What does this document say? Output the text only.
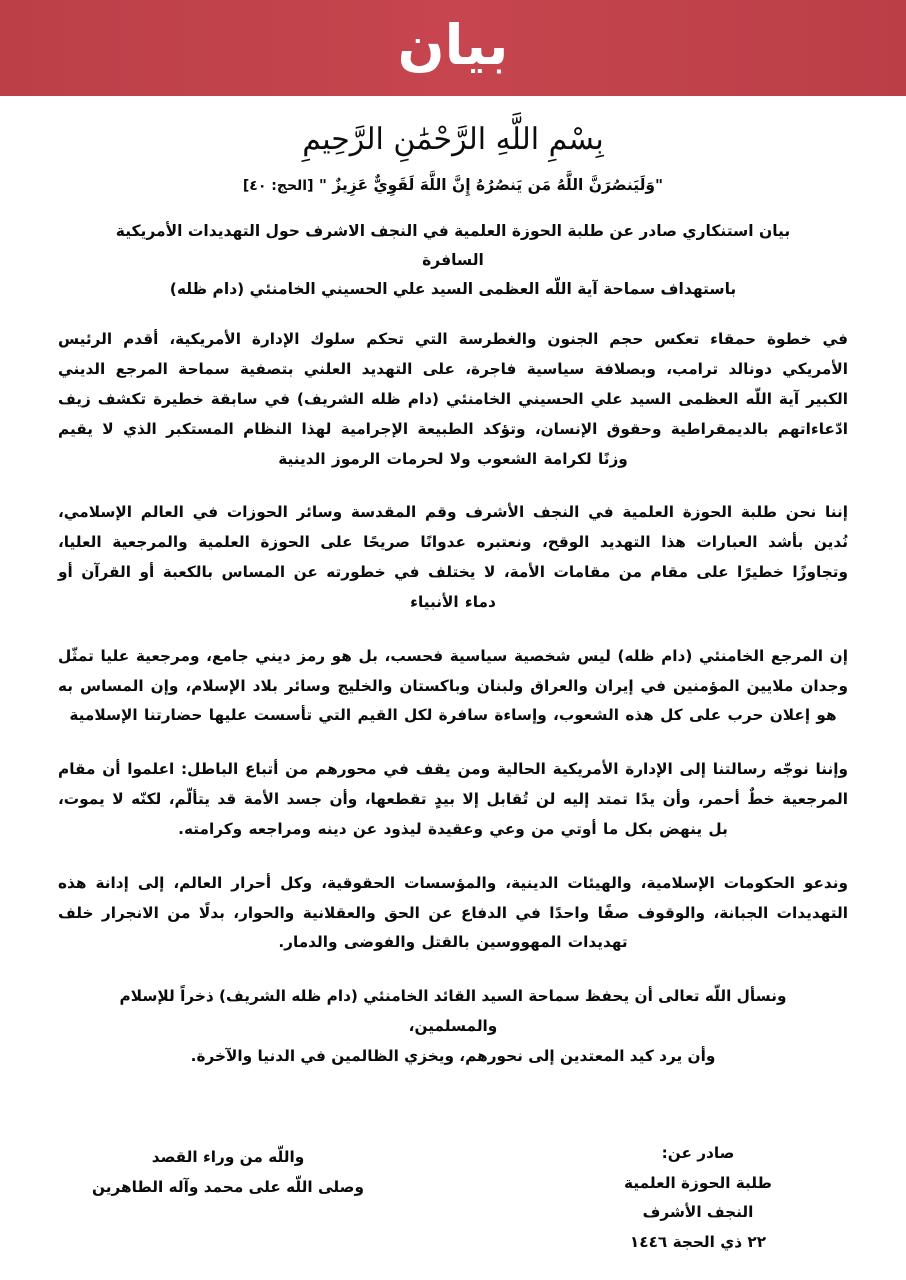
بيان
بِسْمِ اللَّهِ الرَّحْمَٰنِ الرَّحِيمِ
"وَلَيَنصُرَنَّ اللَّهُ مَن يَنصُرُهُ إِنَّ اللَّهَ لَقَوِيٌّ عَزِيزٌ " [الحج: ٤٠]
بيان استنكاري صادر عن طلبة الحوزة العلمية في النجف الاشرف حول التهديدات الأمريكية السافرة
باستهداف سماحة آية اللّه العظمى السيد علي الحسيني الخامنئي (دام ظله)

في خطوة حمقاء تعكس حجم الجنون والغطرسة التي تحكم سلوك الإدارة الأمريكية، أقدم الرئيس الأمريكي دونالد ترامب، وبصلافة سياسية فاجرة، على التهديد العلني بتصفية سماحة المرجع الديني الكبير آية اللّه العظمى السيد علي الحسيني الخامنئي (دام ظله الشريف) في سابقة خطيرة تكشف زيف ادّعاءاتهم بالديمقراطية وحقوق الإنسان، وتؤكد الطبيعة الإجرامية لهذا النظام المستكبر الذي لا يقيم وزنًا لكرامة الشعوب ولا لحرمات الرموز الدينية

إننا نحن طلبة الحوزة العلمية في النجف الأشرف وقم المقدسة وسائر الحوزات في العالم الإسلامي، نُدين بأشد العبارات هذا التهديد الوقح، ونعتبره عدوانًا صريحًا على الحوزة العلمية والمرجعية العليا، وتجاوزًا خطيرًا على مقام من مقامات الأمة، لا يختلف في خطورته عن المساس بالكعبة أو القرآن أو دماء الأنبياء

إن المرجع الخامنئي (دام ظله) ليس شخصية سياسية فحسب، بل هو رمز ديني جامع، ومرجعية عليا تمثّل وجدان ملايين المؤمنين في إيران والعراق ولبنان وباكستان والخليج وسائر بلاد الإسلام، وإن المساس به هو إعلان حرب على كل هذه الشعوب، وإساءة سافرة لكل القيم التي تأسست عليها حضارتنا الإسلامية

وإننا نوجّه رسالتنا إلى الإدارة الأمريكية الحالية ومن يقف في محورهم من أتباع الباطل: اعلموا أن مقام المرجعية خطٌ أحمر، وأن يدًا تمتد إليه لن تُقابل إلا بيدٍ تقطعها، وأن جسد الأمة قد يتألّم، لكنّه لا يموت، بل ينهض بكل ما أوتي من وعي وعقيدة ليذود عن دينه ومراجعه وكرامته.

وندعو الحكومات الإسلامية، والهيئات الدينية، والمؤسسات الحقوقية، وكل أحرار العالم، إلى إدانة هذه التهديدات الجبانة، والوقوف صفًا واحدًا في الدفاع عن الحق والعقلانية والحوار، بدلًا من الانجرار خلف تهديدات المهووسين بالقتل والفوضى والدمار.

ونسأل اللّه تعالى أن يحفظ سماحة السيد القائد الخامنئي (دام ظله الشريف) ذخراً للإسلام والمسلمين،
وأن يرد كيد المعتدين إلى نحورهم، ويخزي الظالمين في الدنيا والآخرة.

واللّه من وراء القصد
وصلى اللّه على محمد وآله الطاهرين
صادر عن:
طلبة الحوزة العلمية
النجف الأشرف
٢٢ ذي الحجة ١٤٤٦
